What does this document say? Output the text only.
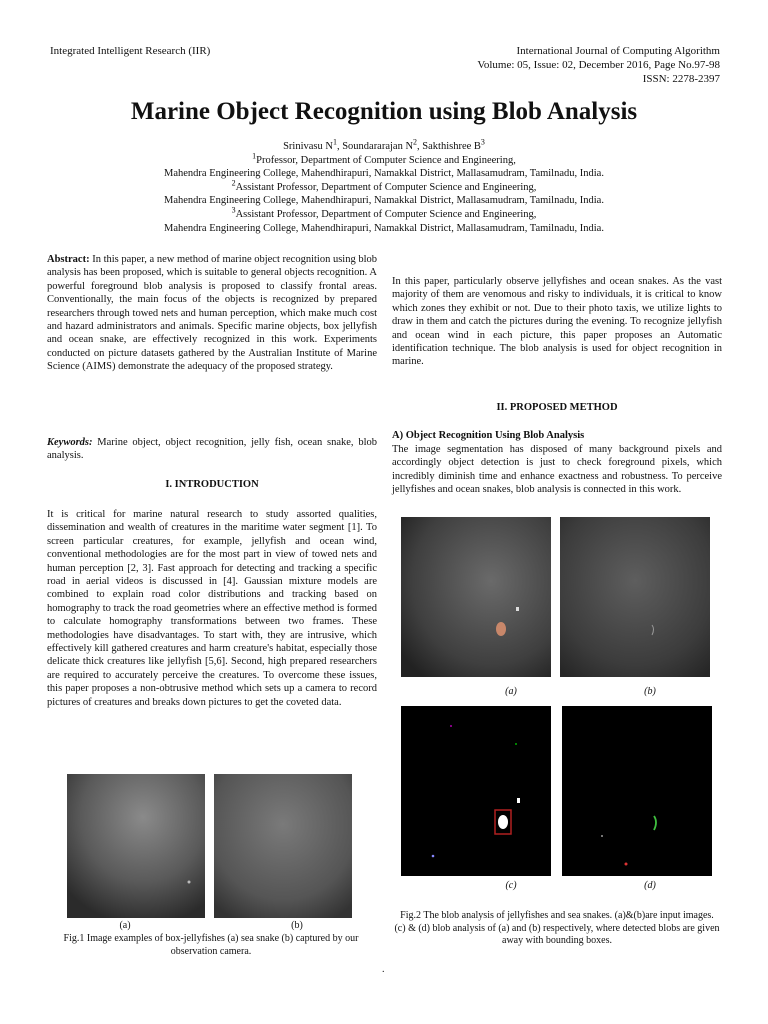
Integrated Intelligent Research (IIR)	International Journal of Computing Algorithm
Volume: 05, Issue: 02, December 2016, Page No.97-98
ISSN: 2278-2397
Marine Object Recognition using Blob Analysis
Srinivasu $N^1$, Soundararajan $N^2$, Sakthishree $B^3$
$^1$Professor, Department of Computer Science and Engineering,
Mahendra Engineering College, Mahendhirapuri, Namakkal District, Mallasamudram, Tamilnadu, India.
$^2$Assistant Professor, Department of Computer Science and Engineering,
Mahendra Engineering College, Mahendhirapuri, Namakkal District, Mallasamudram, Tamilnadu, India.
$^3$Assistant Professor, Department of Computer Science and Engineering,
Mahendra Engineering College, Mahendhirapuri, Namakkal District, Mallasamudram, Tamilnadu, India.

Abstract: In this paper, a new method of marine object recognition using blob analysis has been proposed, which is suitable to general objects recognition. A powerful foreground blob analysis is proposed to classify frontal areas. Conventionally, the main focus of the objects is recognized by prepared researchers through towed nets and human perception, which make much cost and hazard administrators and animals. Specific marine objects, box jellyfish and ocean snake, are effectively recognized in this work. Experiments conducted on picture datasets gathered by the Australian Institute of Marine Science (AIMS) demonstrate the adequacy of the proposed strategy.

Keywords: Marine object, object recognition, jelly fish, ocean snake, blob analysis.

I. INTRODUCTION
It is critical for marine natural research to study assorted qualities, dissemination and wealth of creatures in the maritime water segment [1]. To screen particular creatures, for example, jellyfish and ocean wind, conventional methodologies are for the most part in view of towed nets and human perception [2, 3]. Fast approach for detecting and tracking a specific road in aerial videos is discussed in [4]. Gaussian mixture models are combined to explain road color distributions and tracking based on homography to track the road geometries where an effective method is formed to calculate homography transformations between two frames. These methodologies have disadvantages. To start with, they are intrusive, which effectively kill gathered creatures and harm creature's habitat, especially those delicate thick creatures like jellyfish [5,6]. Second, high prepared researchers are required to accurately perceive the creatures. To overcome these issues, this paper proposes a non-obtrusive method which sets up a camera to record pictures of creatures and breaks down pictures to get the coveted data.
(a)	(b)
Fig.1 Image examples of box-jellyfishes (a) sea snake (b) captured by our observation camera.
In this paper, particularly observe jellyfishes and ocean snakes. As the vast majority of them are venomous and risky to individuals, it is critical to know which zones they exhibit or not. Due to their photo taxis, we utilize lights to draw in them and catch the pictures during the evening. To recognize jellyfish and ocean wind in each picture, this paper proposes an Automatic identification technique. The blob analysis is used for object recognition in marine.
II. PROPOSED METHOD
A) Object Recognition Using Blob Analysis
The image segmentation has disposed of many background pixels and accordingly object detection is just to check foreground pixels, which incredibly diminish time and enhance exactness and robustness. To perceive jellyfishes and ocean snakes, blob analysis is connected in this work.
(a)	(b)
(c)	(d)
Fig.2 The blob analysis of jellyfishes and sea snakes. (a)&(b)are input images. (c) & (d) blob analysis of (a) and (b) respectively, where detected blobs are given away with bounding boxes.
.
